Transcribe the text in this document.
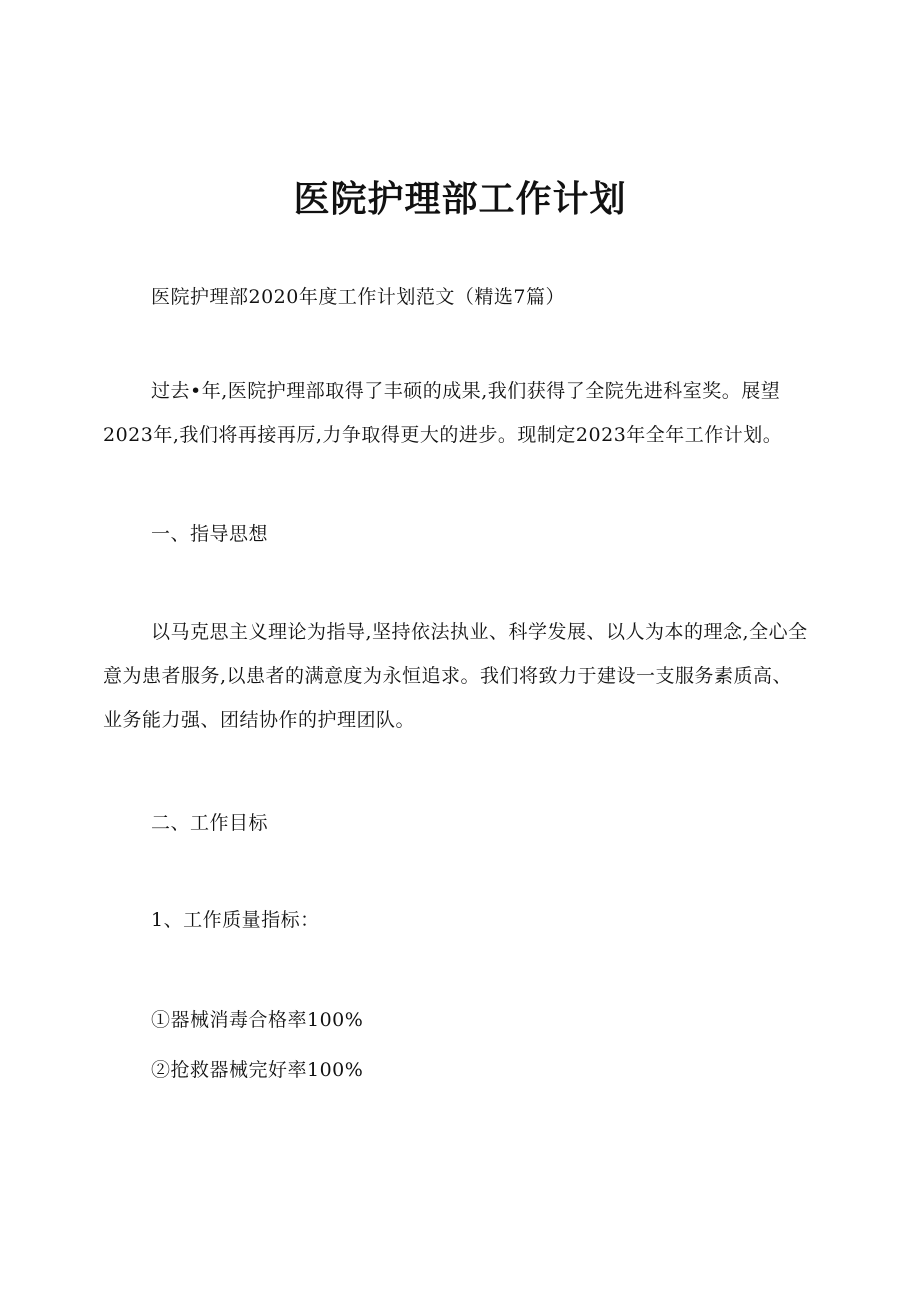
医院护理部工作计划

医院护理部2020年度工作计划范文（精选7篇）

过去•年,医院护理部取得了丰硕的成果,我们获得了全院先进科室奖。展望2023年,我们将再接再厉,力争取得更大的进步。现制定2023年全年工作计划。

一、指导思想

以马克思主义理论为指导,坚持依法执业、科学发展、以人为本的理念,全心全意为患者服务,以患者的满意度为永恒追求。我们将致力于建设一支服务素质高、业务能力强、团结协作的护理团队。

二、工作目标

1、工作质量指标：

①器械消毒合格率100%

②抢救器械完好率100%
